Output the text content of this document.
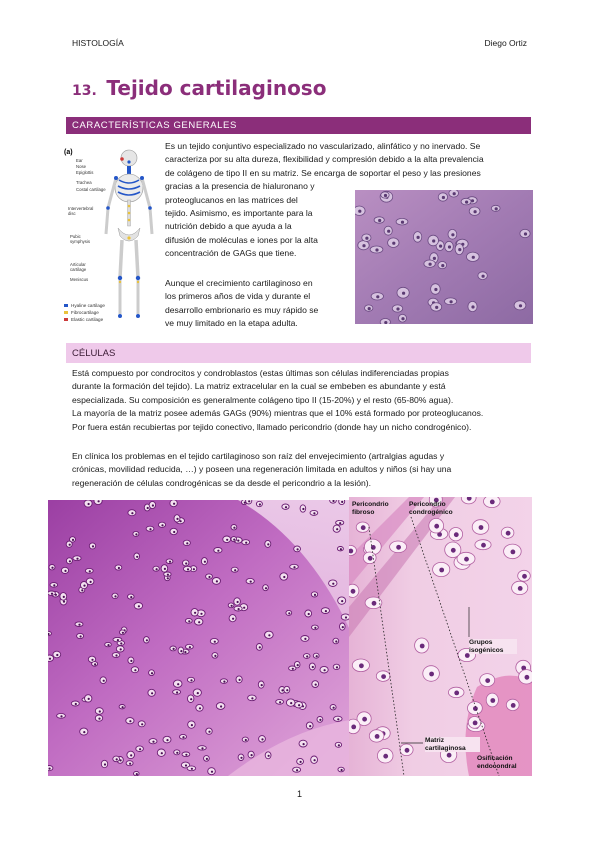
HISTOLOGÍA	Diego Ortiz
13. Tejido cartilaginoso
CARACTERÍSTICAS GENERALES
(a)
Ear
Nose
Epiglottis
Trachea
Costal cartilage
Intervertebral disc
Pubic symphysis
Articular cartilage
Meniscus
Hyaline cartilage
Fibrocartilage
Elastic cartilage
Es un tejido conjuntivo especializado no vascularizado, alinfático y no inervado. Se
caracteriza por su alta dureza, flexibilidad y compresión debido a la alta prevalencia
de colágeno de tipo II en su matriz. Se encarga de soportar el peso y las presiones
gracias a la presencia de hialuronano y
proteoglucanos en las matrices del
tejido. Asimismo, es importante para la
nutrición debido a que ayuda a la
difusión de moléculas e iones por la alta
concentración de GAGs que tiene.
Aunque el crecimiento cartilaginoso en
los primeros años de vida y durante el
desarrollo embrionario es muy rápido se
ve muy limitado en la etapa adulta.
CÉLULAS
Está compuesto por condrocitos y condroblastos (estas últimas son células indiferenciadas propias
durante la formación del tejido). La matriz extracelular en la cual se embeben es abundante y está
especializada. Su composición es generalmente colágeno tipo II (15-20%) y el resto (65-80% agua).
La mayoría de la matriz posee además GAGs (90%) mientras que el 10% está formado por proteoglucanos.
Por fuera están recubiertas por tejido conectivo, llamado pericondrio (donde hay un nicho condrogénico).
En clínica los problemas en el tejido cartilaginoso son raíz del envejecimiento (artralgias agudas y
crónicas, movilidad reducida, …) y poseen una regeneración limitada en adultos y niños (si hay una
regeneración de células condrogénicas se da desde el pericondrio a la lesión).
Pericondrio fibroso
Pericondrio condrogénico
Grupos isogénicos
Matriz cartilaginosa
Osificación endocondral
1
